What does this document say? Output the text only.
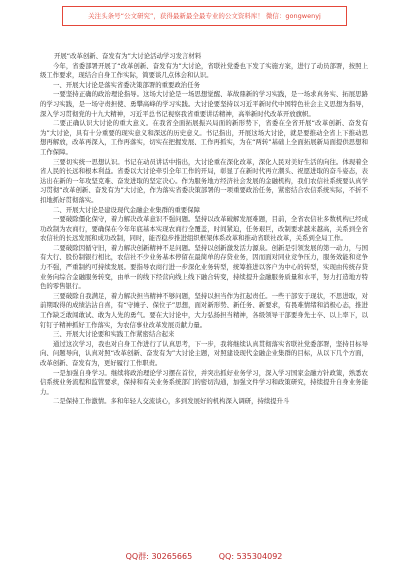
关注头条号“公文研究”，获得最新最全最专业的公文资料库！ 微信：gongwenyj

开展“改革创新、奋发有为”大讨论活动学习发言材料

今年，省委部署开展了“改革创新、奋发有为”大讨论，省联社党委也下发了实施方案，进行了动员部署，按照上级工作要求，现结合自身工作实际，简要谈几点体会和认识。

一、开展大讨论是落实省委决策部署的重要政治任务

一要坚持正确的政治理论指导。这场大讨论是一场思想觉醒、革故鼎新的学习实践，是一场求真务实、拓展思路的学习实践，是一场守责担使、勇攀高峰的学习实践。大讨论要坚持以习近平新时代中国特色社会主义思想为指导，深入学习贯彻党的十九大精神，习近平总书记视察我省重要讲话精神，高举新时代改革开放旗帜。

二要正确认识大讨论的重大意义。在我省全面拓展振兴局面的新形势下，省委在全省开展“改革创新、奋发有为”大讨论，具有十分重要的现实意义和深远的历史意义。书记指出，开展这场大讨论，就是要推动全省上下推动思想再解放，改革再深入，工作再落实，切实在把握发展、工作再抓实，为在“两转”基础上全面拓展新局面提供思想和工作保障。

三要切实统一思想认识。书记在动员讲话中指出，大讨论重在深化改革，深化人民对美好生活的向往。体现着全省人民的长远和根本利益。省委以大讨论牵引全年工作的开局，彰显了在新时代再立潮头、祝愿进取的奋斗姿态，表达出在新的一年攻坚克难、奋发进取的坚定决心。作为服务地方经济社会发展的金融机构，我们农信社系统要认真学习贯彻“改革创新、奋发有为”大讨论，作为落实省委决策部署的一项重要政治任务，紧密结合农信系统实际，不折不扣地抓好贯彻落实。

二、开展大讨论是建设现代金融企业集群的重要保障

一要破除僵化保守，着力解决改革意识不强问题。坚持以改革破解发展难题，目前，全省农信社多数机构已经成功改制为农商行，要确保在今年年底基本实现农商行全覆盖，时间紧迫，任务艰巨，改制要求越来越高，关系到全省农信社的长远发展和成功改制，同时，能否稳步推进组织框架体系改革和推动省联社改革，关系到全局工作。

二要破除因循守旧，着力解决创新精神不足问题。坚持以创新激发活力源泉。创新是引领发展的第一动力，与国有大行、股份制银行相比，农信社不少业务基本停留在最简单的存贷业务，因而面对同业竞争压力，服务效能和竞争力不强，严重制约可持续发展。要指导农商行进一步深化业务转型，统筹推进以客户为中心的转型，实现由传统存贷业务向综合金融服务转变，由单一的线下经营向线上线下融合转变，持续提升金融服务质量和水平，努力打造地方特色的零售银行。

三要破除自我满足，着力解决担当精神不够问题，坚持以担当作为扛起责任。一些干部安于现状，不思进取，对前期取得的成绩沾沾自喜，有“守摊子、保位子”思想，面对新形势、新任务、新要求，有畏难情绪和消极心态，推进工作缺乏敢闯敢试、敢为人先的勇气。要在大讨论中，大力弘扬担当精神，各级领导干部要身先士卒、以上率下，以钉钉子精神抓好工作落实，为农信事业改革发展贡献力量。

三、开展大讨论要和实践工作紧密结合起来

通过这次学习，我也对自身工作进行了认真思考，下一步，我将继续认真贯彻落实省联社党委部署，坚持目标导向、问题导向，认真对照“改革创新、奋发有为”大讨论主题，对照建设现代金融企业集群的目标，从以下几个方面，改革创新、奋发有为，更好履行工作职责。

一是加强自身学习。继续将政治理论学习摆在首位，并突出抓好业务学习，深入学习国家金融方针政策，熟悉农信系统业务流程和监管要求，保持和有关业务系统部门的密切沟通，加强文件学习和政策研究，持续提升自身业务能力。

二是保持工作激情。多和年轻人交流谈心，多到发展好的机构深入调研，持续提升斗

QQ群: 30265665	QQ: 535304092
